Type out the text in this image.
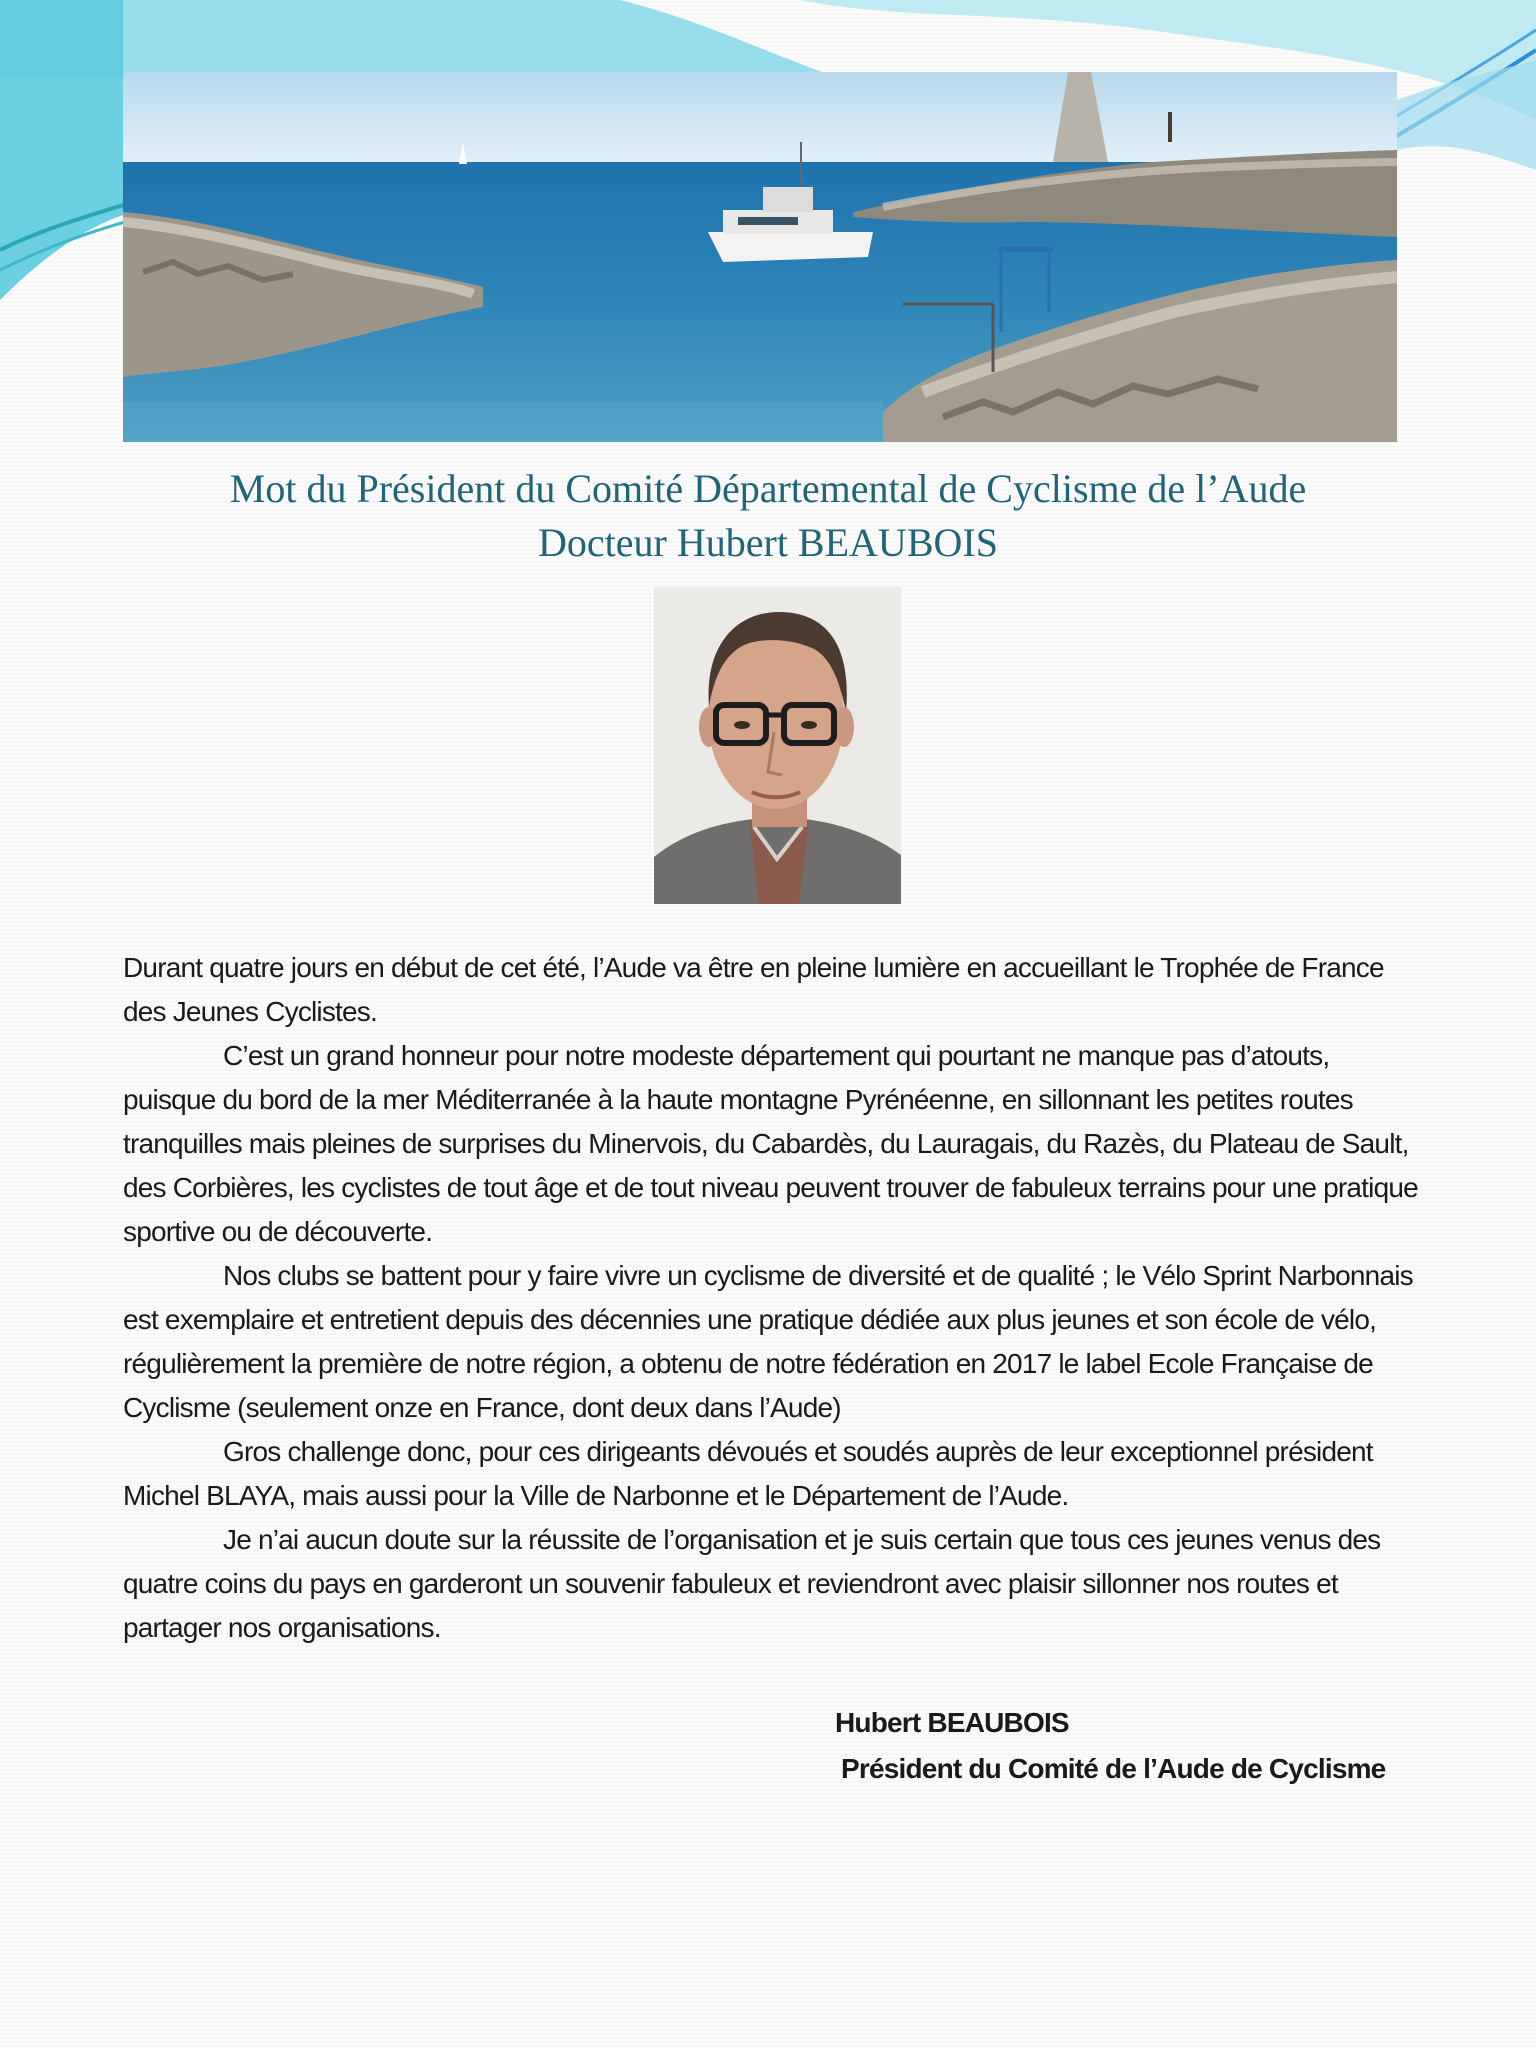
Mot du Président du Comité Départemental de Cyclisme de l’Aude
Docteur Hubert BEAUBOIS

Durant quatre jours en début de cet été, l’Aude va être en pleine lumière en accueillant le Trophée de France des Jeunes Cyclistes.

C’est un grand honneur pour notre modeste département qui pourtant ne manque pas d’atouts, puisque du bord de la mer Méditerranée à la haute montagne Pyrénéenne, en sillonnant les petites routes tranquilles mais pleines de surprises du Minervois, du Cabardès, du Lauragais, du Razès, du Plateau de Sault, des Corbières, les cyclistes de tout âge et de tout niveau peuvent trouver de fabuleux terrains pour une pratique sportive ou de découverte.

Nos clubs se battent pour y faire vivre un cyclisme de diversité et de qualité ; le Vélo Sprint Narbonnais est exemplaire et entretient depuis des décennies une pratique dédiée aux plus jeunes et son école de vélo, régulièrement la première de notre région, a obtenu de notre fédération en 2017 le label Ecole Française de Cyclisme (seulement onze en France, dont deux dans l’Aude)

Gros challenge donc, pour ces dirigeants dévoués et soudés auprès de leur exceptionnel président Michel BLAYA, mais aussi pour la Ville de Narbonne et le Département de l’Aude.

Je n’ai aucun doute sur la réussite de l’organisation et je suis certain que tous ces jeunes venus des quatre coins du pays en garderont un souvenir fabuleux et reviendront avec plaisir sillonner nos routes et partager nos organisations.

Hubert BEAUBOIS
Président du Comité de l’Aude de Cyclisme
